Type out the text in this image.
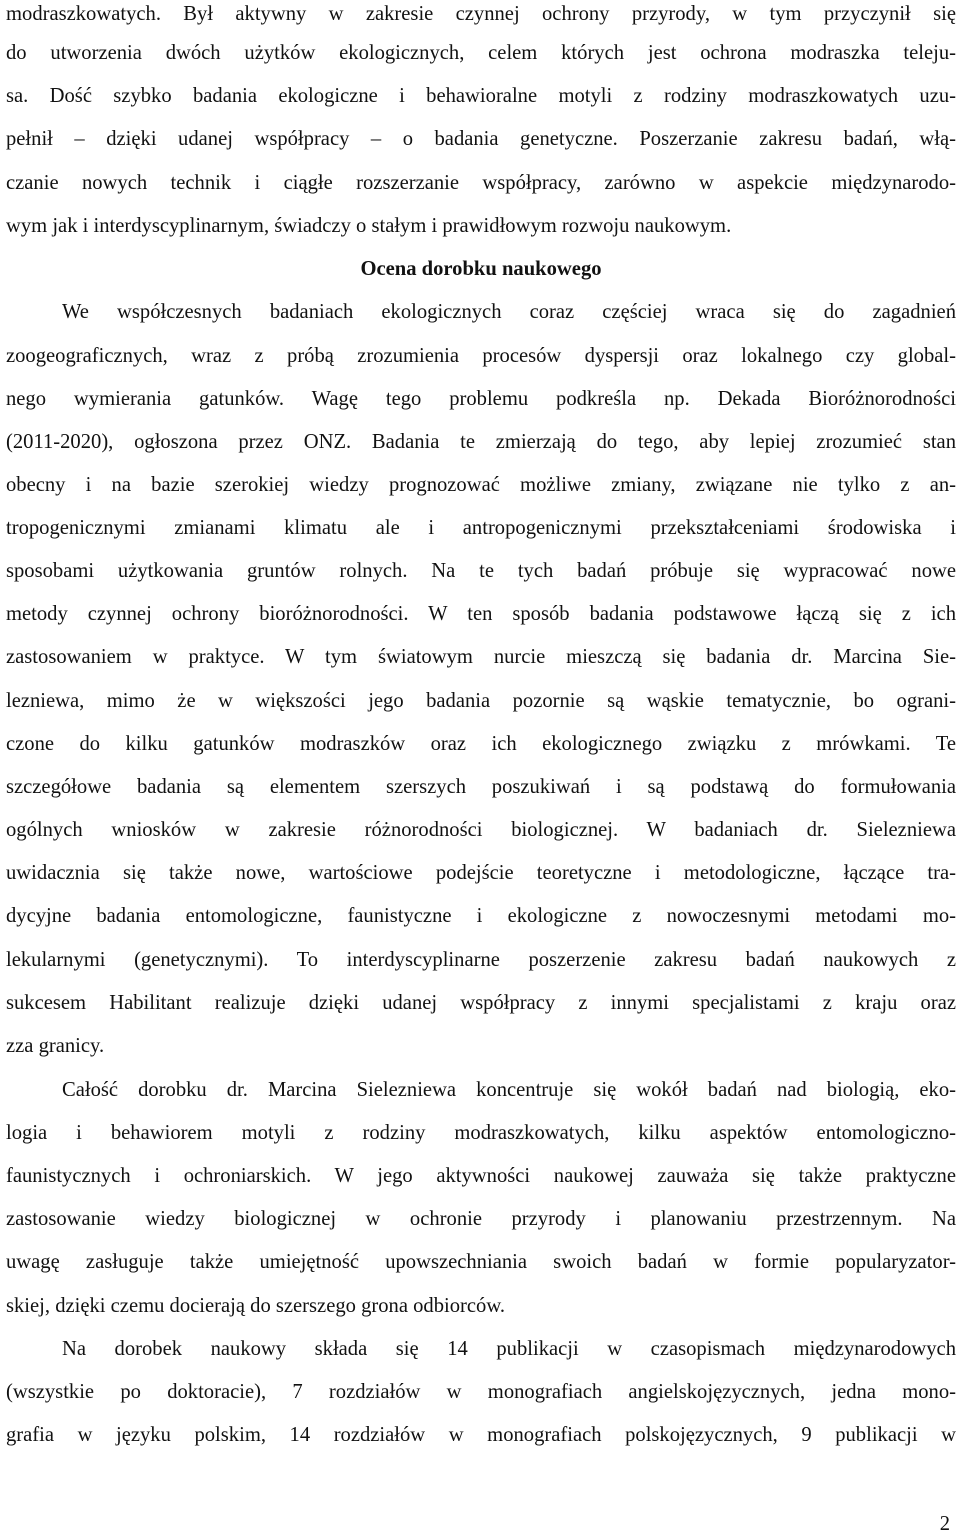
modraszkowatych. Był aktywny w zakresie czynnej ochrony przyrody, w tym przyczynił się
do utworzenia dwóch użytków ekologicznych, celem których jest ochrona modraszka teleju-
sa. Dość szybko badania ekologiczne i behawioralne motyli z rodziny modraszkowatych uzu-
pełnił – dzięki udanej współpracy – o badania genetyczne. Poszerzanie zakresu badań, włą-
czanie nowych technik i ciągłe rozszerzanie współpracy, zarówno w aspekcie międzynarodo-
wym jak i interdyscyplinarnym, świadczy o stałym i prawidłowym rozwoju naukowym.
Ocena dorobku naukowego
We współczesnych badaniach ekologicznych coraz częściej wraca się do zagadnień
zoogeograficznych, wraz z próbą zrozumienia procesów dyspersji oraz lokalnego czy global-
nego wymierania gatunków. Wagę tego problemu podkreśla np. Dekada Bioróżnorodności
(2011-2020), ogłoszona przez ONZ. Badania te zmierzają do tego, aby lepiej zrozumieć stan
obecny i na bazie szerokiej wiedzy prognozować możliwe zmiany, związane nie tylko z an-
tropogenicznymi zmianami klimatu ale i antropogenicznymi przekształceniami środowiska i
sposobami użytkowania gruntów rolnych. Na te tych badań próbuje się wypracować nowe
metody czynnej ochrony bioróżnorodności. W ten sposób badania podstawowe łączą się z ich
zastosowaniem w praktyce. W tym światowym nurcie mieszczą się badania dr. Marcina Sie-
lezniewa, mimo że w większości jego badania pozornie są wąskie tematycznie, bo ograni-
czone do kilku gatunków modraszków oraz ich ekologicznego związku z mrówkami. Te
szczegółowe badania są elementem szerszych poszukiwań i są podstawą do formułowania
ogólnych wniosków w zakresie różnorodności biologicznej. W badaniach dr. Sielezniewa
uwidacznia się także nowe, wartościowe podejście teoretyczne i metodologiczne, łączące tra-
dycyjne badania entomologiczne, faunistyczne i ekologiczne z nowoczesnymi metodami mo-
lekularnymi (genetycznymi). To interdyscyplinarne poszerzenie zakresu badań naukowych z
sukcesem Habilitant realizuje dzięki udanej współpracy z innymi specjalistami z kraju oraz
zza granicy.
Całość dorobku dr. Marcina Sielezniewa koncentruje się wokół badań nad biologią, eko-
logia i behawiorem motyli z rodziny modraszkowatych, kilku aspektów entomologiczno-
faunistycznych i ochroniarskich. W jego aktywności naukowej zauważa się także praktyczne
zastosowanie wiedzy biologicznej w ochronie przyrody i planowaniu przestrzennym. Na
uwagę zasługuje także umiejętność upowszechniania swoich badań w formie popularyzator-
skiej, dzięki czemu docierają do szerszego grona odbiorców.
Na dorobek naukowy składa się 14 publikacji w czasopismach międzynarodowych
(wszystkie po doktoracie), 7 rozdziałów w monografiach angielskojęzycznych, jedna mono-
grafia w języku polskim, 14 rozdziałów w monografiach polskojęzycznych, 9 publikacji w
2
